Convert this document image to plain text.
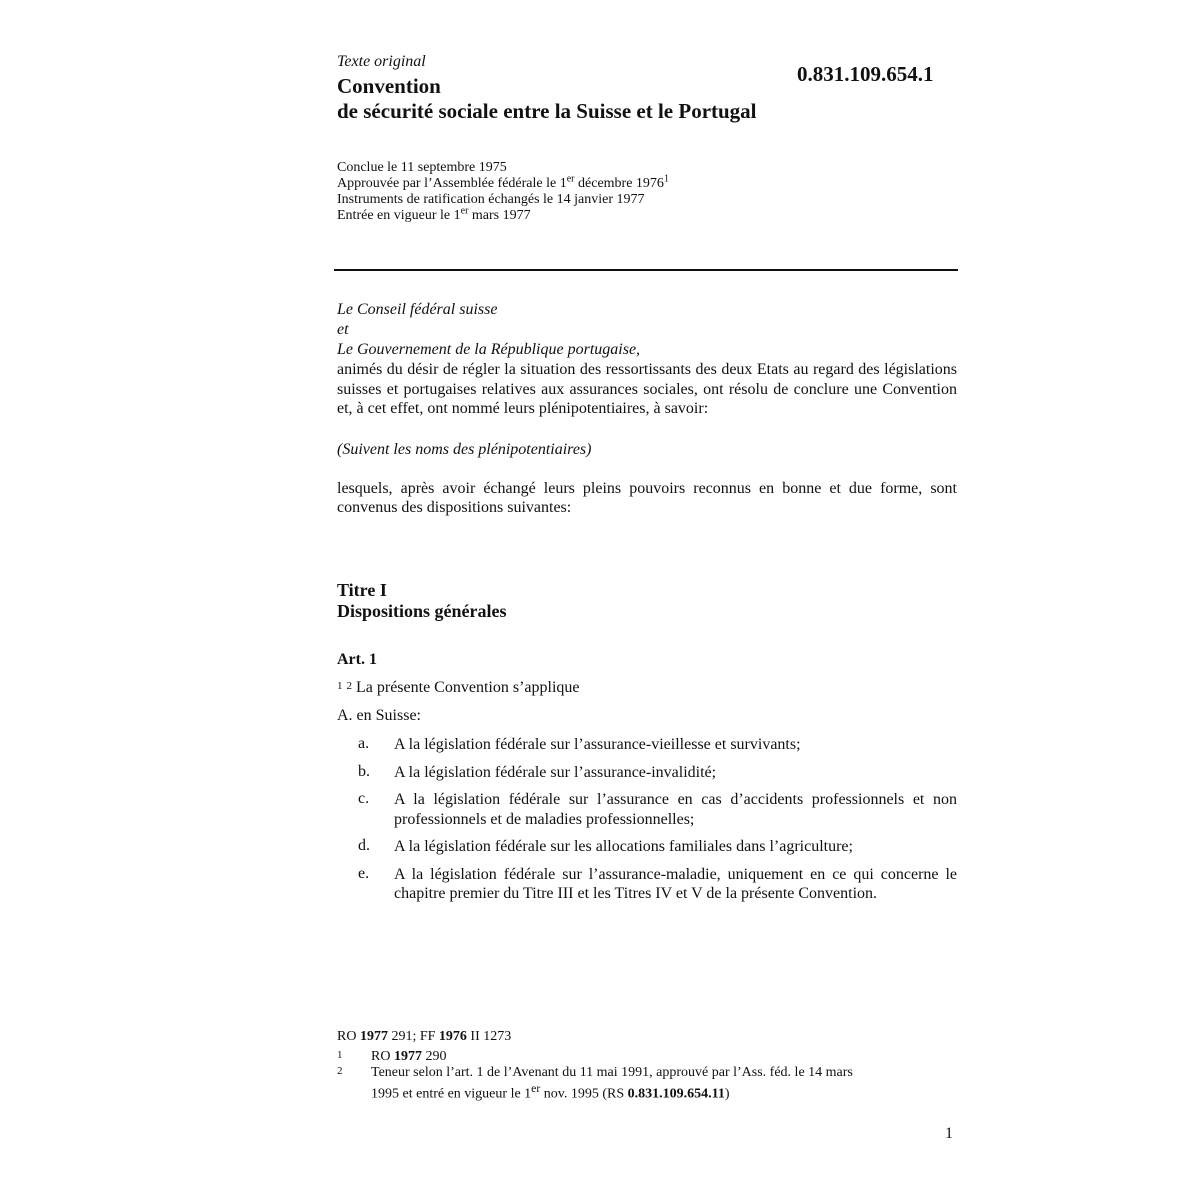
Texte original
Convention
de sécurité sociale entre la Suisse et le Portugal
0.831.109.654.1
Conclue le 11 septembre 1975
Approuvée par l’Assemblée fédérale le 1er décembre 1976$^1$
Instruments de ratification échangés le 14 janvier 1977
Entrée en vigueur le 1er mars 1977
Le Conseil fédéral suisse
et
Le Gouvernement de la République portugaise,

animés du désir de régler la situation des ressortissants des deux Etats au regard des législations suisses et portugaises relatives aux assurances sociales, ont résolu de conclure une Convention et, à cet effet, ont nommé leurs plénipotentiaires, à savoir:

(Suivent les noms des plénipotentiaires)

lesquels, après avoir échangé leurs pleins pouvoirs reconnus en bonne et due forme, sont convenus des dispositions suivantes:

Titre I
Dispositions générales
Art. 1
1 2 La présente Convention s’applique
A. en Suisse:
a.	A la législation fédérale sur l’assurance-vieillesse et survivants;
b.	A la législation fédérale sur l’assurance-invalidité;
c.	A la législation fédérale sur l’assurance en cas d’accidents professionnels et non professionnels et de maladies professionnelles;
d.	A la législation fédérale sur les allocations familiales dans l’agriculture;
e.	A la législation fédérale sur l’assurance-maladie, uniquement en ce qui concerne le chapitre premier du Titre III et les Titres IV et V de la présente Convention.
RO 1977 291; FF 1976 II 1273
1	RO 1977 290
2	Teneur selon l’art. 1 de l’Avenant du 11 mai 1991, approuvé par l’Ass. féd. le 14 mars
1995 et entré en vigueur le 1er nov. 1995 (RS 0.831.109.654.11)
1
